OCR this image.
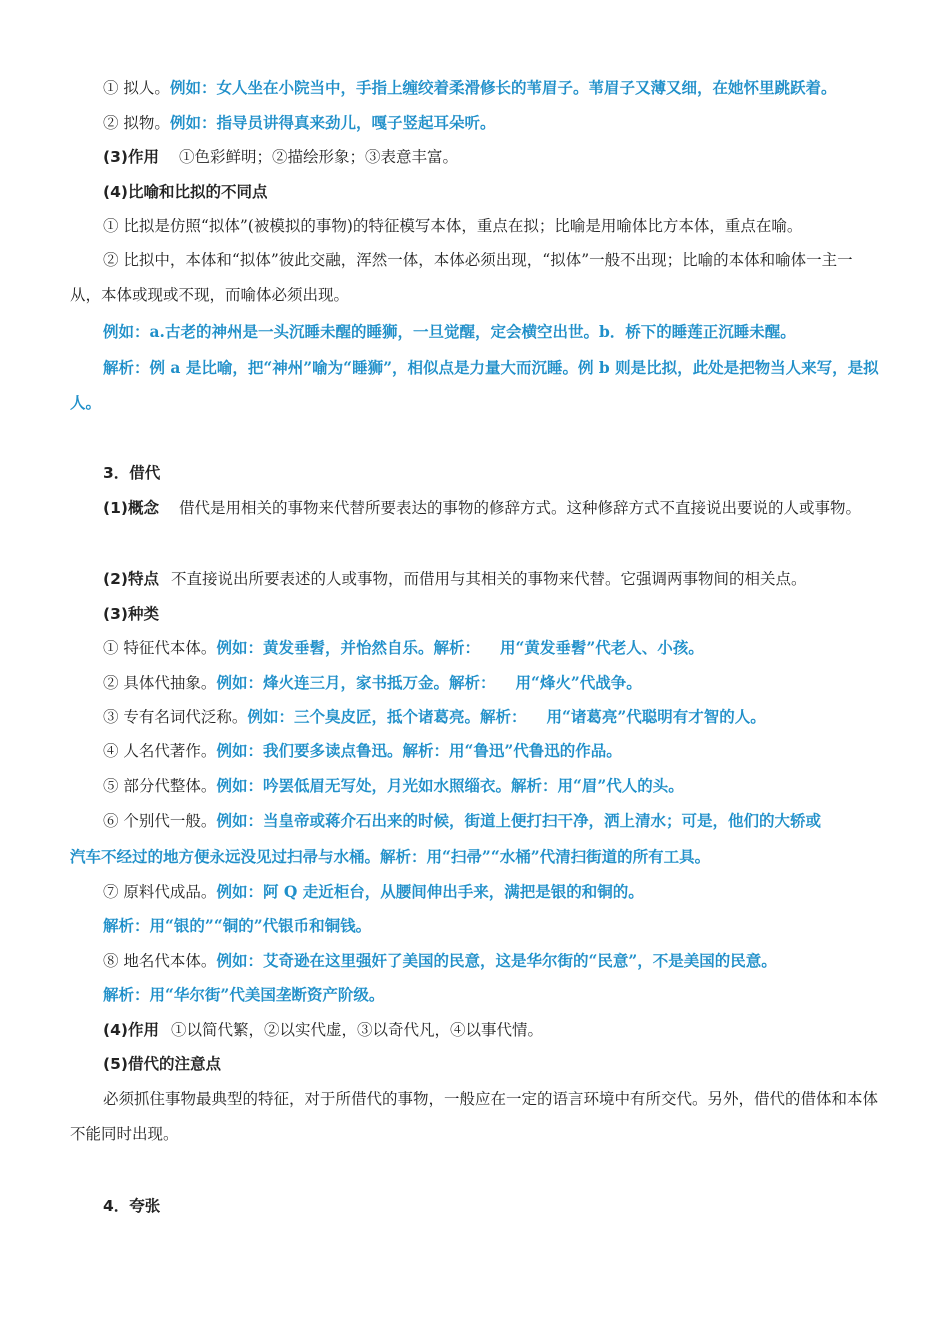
① 拟人。例如：女人坐在小院当中，手指上缠绞着柔滑修长的苇眉子。苇眉子又薄又细，在她怀里跳跃着。
② 拟物。例如：指导员讲得真来劲儿，嘎子竖起耳朵听。
(3)作用 ①色彩鲜明；②描绘形象；③表意丰富。
(4)比喻和比拟的不同点
① 比拟是仿照“拟体”(被模拟的事物)的特征模写本体，重点在拟；比喻是用喻体比方本体，重点在喻。
② 比拟中，本体和“拟体”彼此交融，浑然一体，本体必须出现，“拟体”一般不出现；比喻的本体和喻体一主一从，本体或现或不现，而喻体必须出现。
例如：a.古老的神州是一头沉睡未醒的睡狮，一旦觉醒，定会横空出世。b．桥下的睡莲正沉睡未醒。
解析：例 a 是比喻，把“神州”喻为“睡狮”，相似点是力量大而沉睡。例 b 则是比拟，此处是把物当人来写，是拟人。
3．借代
(1)概念 借代是用相关的事物来代替所要表达的事物的修辞方式。这种修辞方式不直接说出要说的人或事物。
(2)特点 不直接说出所要表述的人或事物，而借用与其相关的事物来代替。它强调两事物间的相关点。
(3)种类
① 特征代本体。例如：黄发垂髫，并怡然自乐。解析： 用“黄发垂髫”代老人、小孩。
② 具体代抽象。例如：烽火连三月，家书抵万金。解析： 用“烽火”代战争。
③ 专有名词代泛称。例如：三个臭皮匠，抵个诸葛亮。解析： 用“诸葛亮”代聪明有才智的人。
④ 人名代著作。例如：我们要多读点鲁迅。解析：用“鲁迅”代鲁迅的作品。
⑤ 部分代整体。例如：吟罢低眉无写处，月光如水照缁衣。解析：用“眉”代人的头。
⑥ 个别代一般。例如：当皇帝或蒋介石出来的时候，街道上便打扫干净，洒上清水；可是，他们的大轿或
汽车不经过的地方便永远没见过扫帚与水桶。解析：用“扫帚”“水桶”代清扫街道的所有工具。
⑦ 原料代成品。例如：阿 Q 走近柜台，从腰间伸出手来，满把是银的和铜的。
解析：用“银的”“铜的”代银币和铜钱。
⑧ 地名代本体。例如：艾奇逊在这里强奸了美国的民意，这是华尔街的“民意”，不是美国的民意。
解析：用“华尔街”代美国垄断资产阶级。
(4)作用 ①以简代繁，②以实代虚，③以奇代凡，④以事代情。
(5)借代的注意点
必须抓住事物最典型的特征，对于所借代的事物，一般应在一定的语言环境中有所交代。另外，借代的借体和本体不能同时出现。
4．夸张
